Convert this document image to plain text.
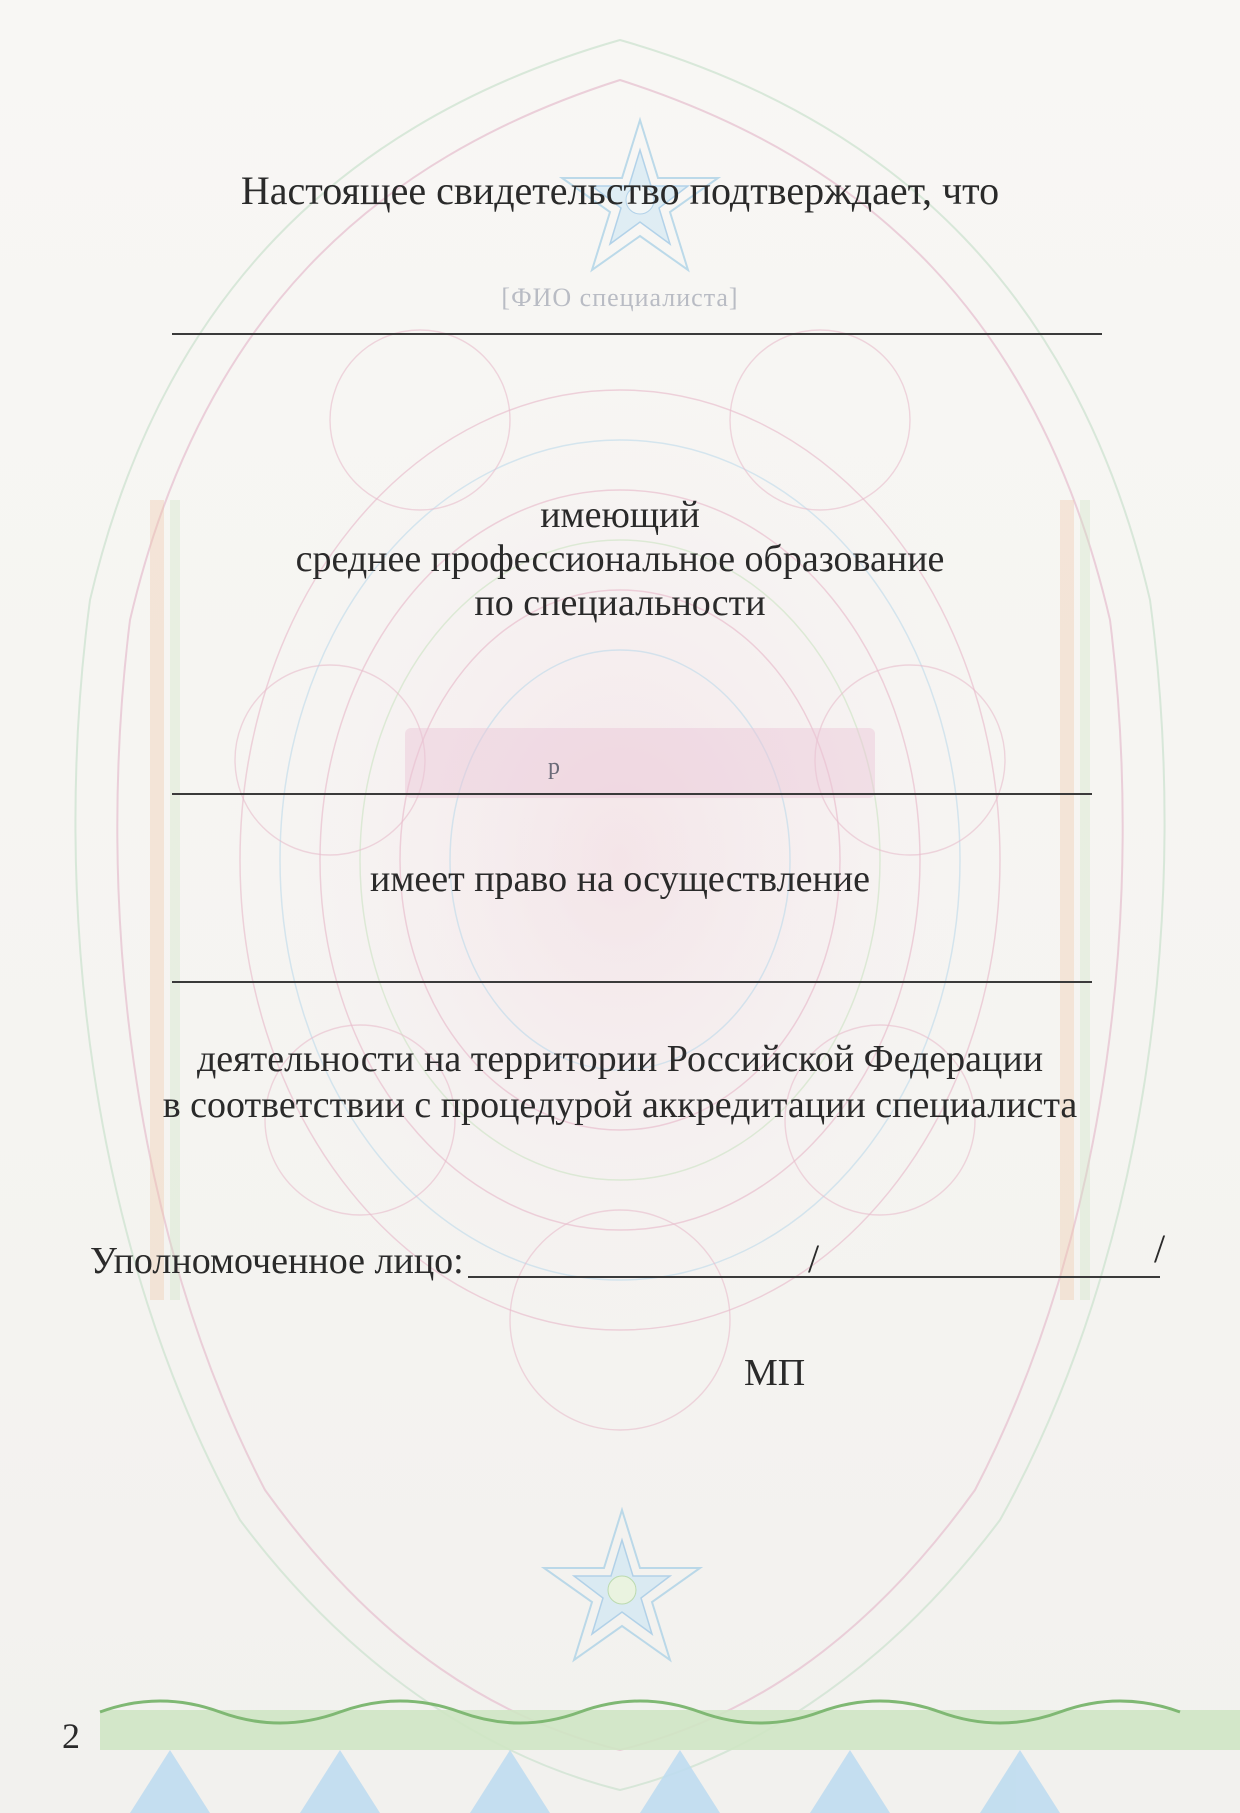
Настоящее свидетельство подтверждает, что
[ФИО специалиста]
имеющий
среднее профессиональное образование
по специальности
р
имеет право на осуществление
деятельности на территории Российской Федерации
в соответствии с процедурой аккредитации специалиста
Уполномоченное лицо:	/	/
МП
2
